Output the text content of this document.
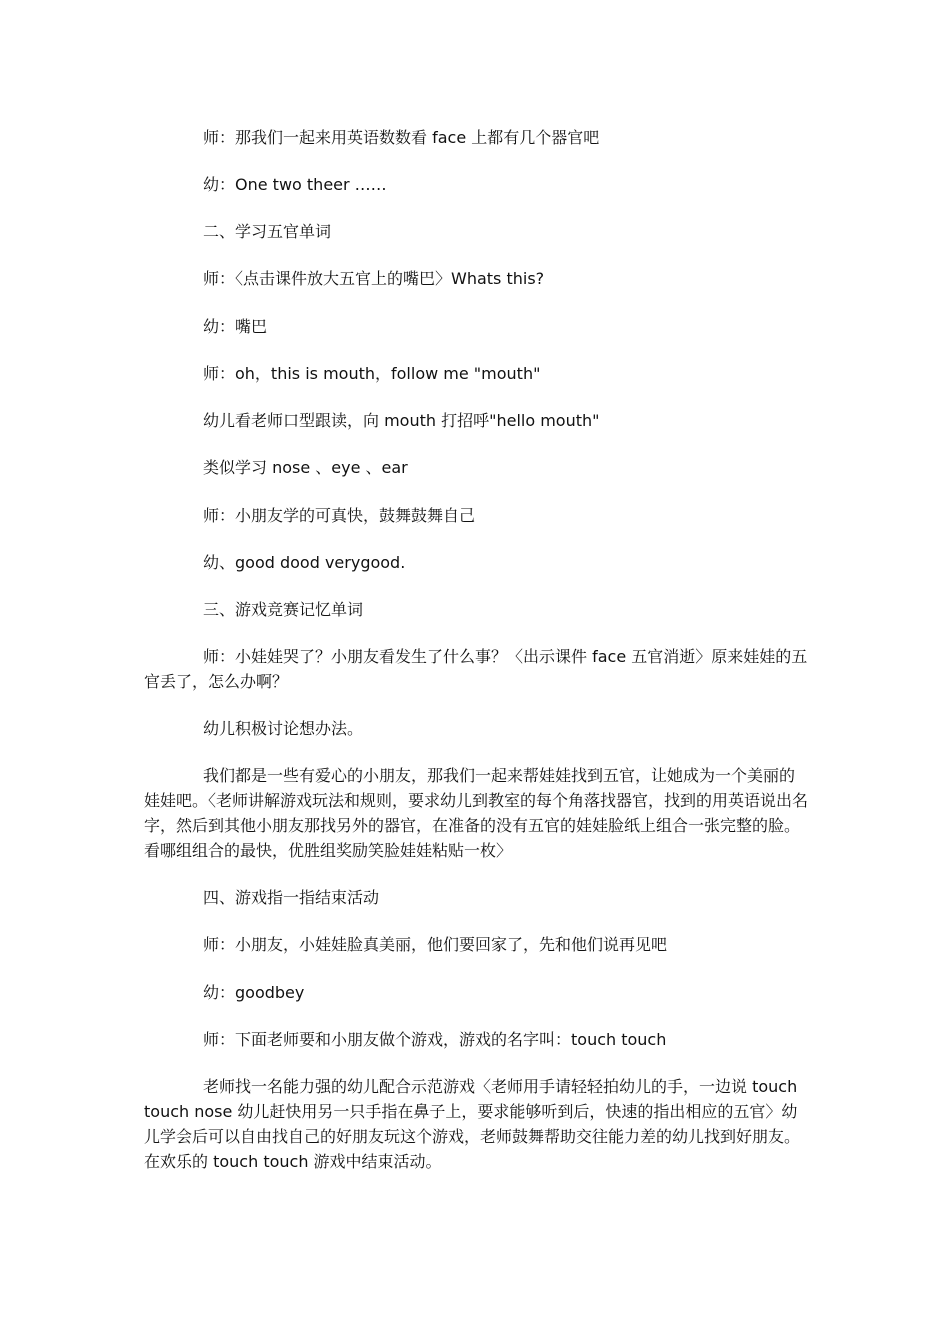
师：那我们一起来用英语数数看 face 上都有几个器官吧

幼：One two theer ……

二、学习五官单词

师：〈点击课件放大五官上的嘴巴〉Whats this?

幼：嘴巴

师：oh，this is mouth，follow me "mouth"

幼儿看老师口型跟读，向 mouth 打招呼"hello mouth"

类似学习 nose 、eye 、ear

师：小朋友学的可真快，鼓舞鼓舞自己

幼、good dood verygood.

三、游戏竞赛记忆单词

师：小娃娃哭了？小朋友看发生了什么事？〈出示课件 face 五官消逝〉原来娃娃的五官丢了，怎么办啊？

幼儿积极讨论想办法。

我们都是一些有爱心的小朋友，那我们一起来帮娃娃找到五官，让她成为一个美丽的娃娃吧。〈老师讲解游戏玩法和规则，要求幼儿到教室的每个角落找器官，找到的用英语说出名字，然后到其他小朋友那找另外的器官，在准备的没有五官的娃娃脸纸上组合一张完整的脸。看哪组组合的最快，优胜组奖励笑脸娃娃粘贴一枚〉

四、游戏指一指结束活动

师：小朋友，小娃娃脸真美丽，他们要回家了，先和他们说再见吧

幼：goodbey

师：下面老师要和小朋友做个游戏，游戏的名字叫：touch touch

老师找一名能力强的幼儿配合示范游戏〈老师用手请轻轻拍幼儿的手，一边说 touch touch nose 幼儿赶快用另一只手指在鼻子上，要求能够听到后，快速的指出相应的五官〉幼儿学会后可以自由找自己的好朋友玩这个游戏，老师鼓舞帮助交往能力差的幼儿找到好朋友。在欢乐的 touch touch 游戏中结束活动。
